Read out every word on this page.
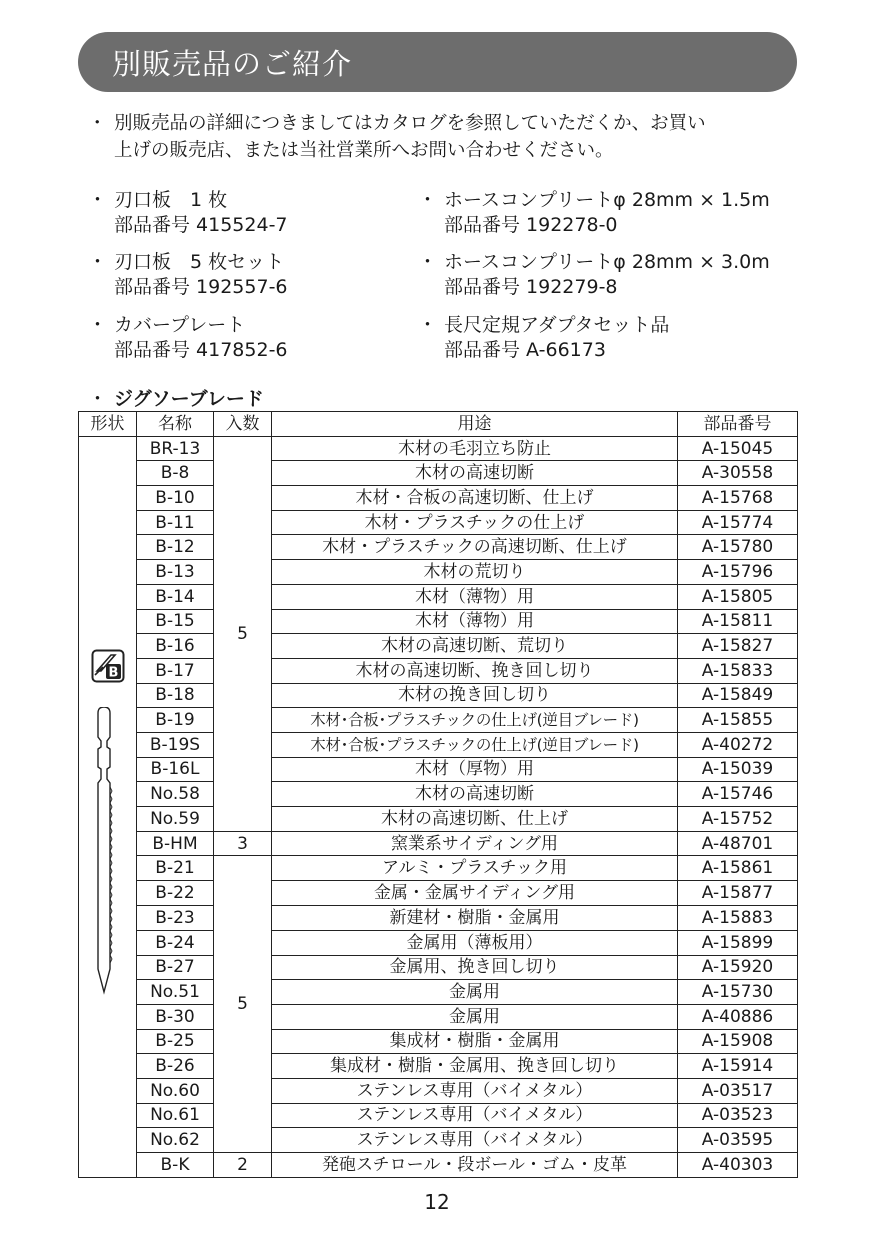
別販売品のご紹介
・ 別販売品の詳細につきましてはカタログを参照していただくか、お買い
上げの販売店、または当社営業所へお問い合わせください。
・ 刃口板　1 枚
部品番号 415524-7
・ ホースコンプリートφ 28mm × 1.5m
部品番号 192278-0
・ 刃口板　5 枚セット
部品番号 192557-6
・ ホースコンプリートφ 28mm × 3.0m
部品番号 192279-8
・ カバープレート
部品番号 417852-6
・ 長尺定規アダプタセット品
部品番号 A-66173
・ ジグソーブレード
形状	名称	入数	用途	部品番号

B	BR-13	5	木材の毛羽立ち防止	A-15045
	B-8		木材の高速切断	A-30558
	B-10		木材・合板の高速切断、仕上げ	A-15768
	B-11		木材・プラスチックの仕上げ	A-15774
	B-12		木材・プラスチックの高速切断、仕上げ	A-15780
	B-13		木材の荒切り	A-15796
	B-14		木材（薄物）用	A-15805
	B-15		木材（薄物）用	A-15811
	B-16		木材の高速切断、荒切り	A-15827
	B-17		木材の高速切断、挽き回し切り	A-15833
	B-18		木材の挽き回し切り	A-15849
	B-19		木材･合板･プラスチックの仕上げ(逆目ブレード)	A-15855
	B-19S		木材･合板･プラスチックの仕上げ(逆目ブレード)	A-40272
	B-16L		木材（厚物）用	A-15039
	No.58		木材の高速切断	A-15746
	No.59		木材の高速切断、仕上げ	A-15752
	B-HM	3	窯業系サイディング用	A-48701
	B-21	5	アルミ・プラスチック用	A-15861
	B-22		金属・金属サイディング用	A-15877
	B-23		新建材・樹脂・金属用	A-15883
	B-24		金属用（薄板用）	A-15899
	B-27		金属用、挽き回し切り	A-15920
	No.51		金属用	A-15730
	B-30		金属用	A-40886
	B-25		集成材・樹脂・金属用	A-15908
	B-26		集成材・樹脂・金属用、挽き回し切り	A-15914
	No.60		ステンレス専用（バイメタル）	A-03517
	No.61		ステンレス専用（バイメタル）	A-03523
	No.62		ステンレス専用（バイメタル）	A-03595
	B-K	2	発砲スチロール・段ボール・ゴム・皮革	A-40303
12
